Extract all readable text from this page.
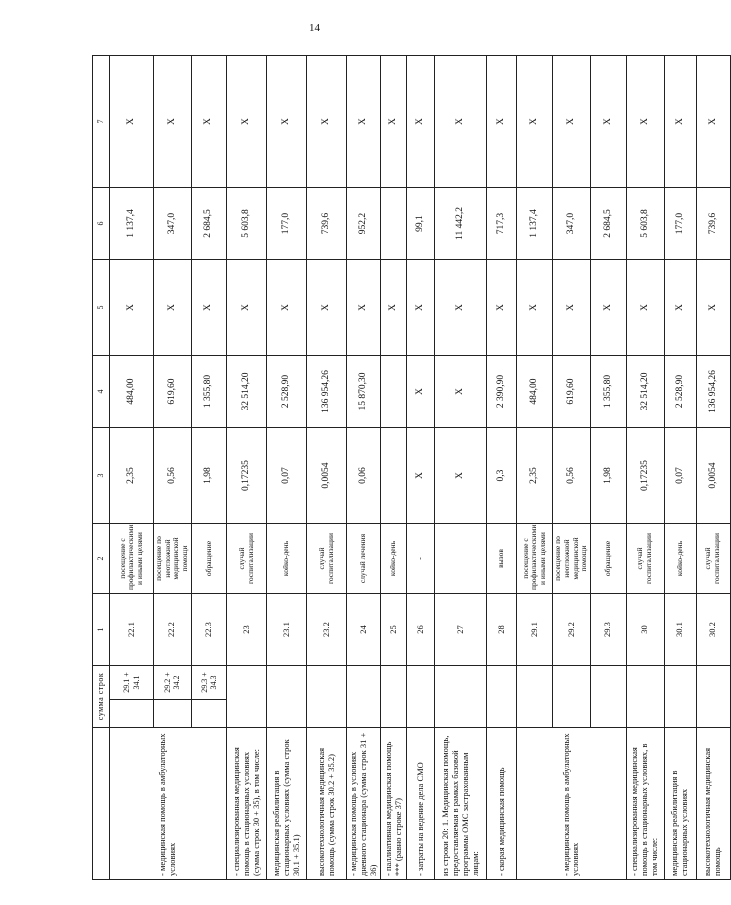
14
	сумма строк		1	2	3	4	5	6	7	
- медицинская помощь в амбулаторных условиях		29.1 + 34.1	22.1	посещение с профилактическими и иными целями	2,35	484,00	X	1 137,4	X	
		29.2 + 34.2	22.2	посещение по неотложной медицинской помощи	0,56	619,60	X	347,0	X	
		29.3 + 34.3	22.3	обращение	1,98	1 355,80	X	2 684,5	X	
- специализированная медицинская помощь в стационарных условиях (сумма строк 30 + 35), в том числе:			23	случай госпитализации	0,17235	32 514,20	X	5 603,8	X	
медицинская реабилитация в стационарных условиях (сумма строк 30.1 + 35.1)			23.1	койко-день	0,07	2 528,90	X	177,0	X	
высокотехнологичная медицинская помощь (сумма строк 30.2 + 35.2)			23.2	случай госпитализации	0,0054	136 954,26	X	739,6	X	
- медицинская помощь в условиях дневного стационара (сумма строк 31 + 36)			24	случай лечения	0,06	15 870,30	X	952,2	X	
- паллиативная медицинская помощь *** (равно строке 37)			25	койко-день			X		X	
- затраты на ведение дела СМО			26	-	X	X	X	99,1	X	
из строки 20: 1. Медицинская помощь, предоставляемая в рамках базовой программы ОМС застрахованным лицам:			27		X	X	X	11 442,2	X	
- скорая медицинская помощь			28	вызов	0,3	2 390,90	X	717,3	X	
- медицинская помощь в амбулаторных условиях			29.1	посещение с профилактическими и иными целями	2,35	484,00	X	1 137,4	X	
			29.2	посещение по неотложной медицинской помощи	0,56	619,60	X	347,0	X	
			29.3	обращение	1,98	1 355,80	X	2 684,5	X	
- специализированная медицинская помощь в стационарных условиях, в том числе:			30	случай госпитализации	0,17235	32 514,20	X	5 603,8	X	
медицинская реабилитация в стационарных условиях			30.1	койко-день	0,07	2 528,90	X	177,0	X	
высокотехнологичная медицинская помощь			30.2	случай госпитализации	0,0054	136 954,26	X	739,6	X	
